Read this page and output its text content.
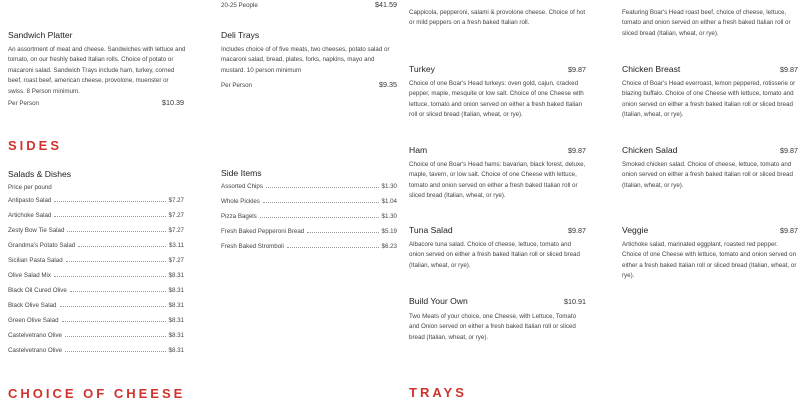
20-25 People	$41.59
Sandwich Platter
An assortment of meat and cheese. Sandwiches with lettuce and tomato, on our freshly baked Italian rolls. Choice of potato or macaroni salad. Sandwich Trays include ham, turkey, corned beef, roast beef, american cheese, provolone, muenster or swiss. 8 Person minimum.
Per Person	$10.39
Deli Trays
Includes choice of of five meats, two cheeses, potato salad or macaroni salad, bread, plates, forks, napkins, mayo and mustard. 10 person minimum
Per Person	$9.35
SIDES
Salads & Dishes
Price per pound
Antipasto Salad	$7.27
Artichoke Salad	$7.27
Zesty Bow Tie Salad	$7.27
Grandma's Potato Salad	$3.11
Sicilian Pasta Salad	$7.27
Olive Salad Mix	$8.31
Black Oil Cured Olive	$8.31
Black Olive Salad	$8.31
Green Olive Salad	$8.31
Castelvetrano Olive	$8.31
Castelvetrano Olive	$8.31
Side Items
Assorted Chips	$1.30
Whole Pickles	$1.04
Pizza Bagels	$1.30
Fresh Baked Pepperoni Bread	$5.19
Fresh Baked Stromboli	$6.23
CHOICE OF CHEESE
Cappicola, pepperoni, salami & provolone cheese. Choice of hot or mild peppers on a fresh baked Italian roll.
Turkey	$9.87
Choice of one Boar's Head turkeys: oven gold, cajun, cracked pepper, maple, mesquite or low salt. Choice of one Cheese with lettuce, tomato and onion served on either a fresh baked Italian roll or sliced bread (Italian, wheat, or rye).
Ham	$9.87
Choice of one Boar's Head hams: bavarian, black forest, deluxe, maple, tavern, or low salt. Choice of one Cheese with lettuce, tomato and onion served on either a fresh baked Italian roll or sliced bread (Italian, wheat, or rye).
Tuna Salad	$9.87
Albacore tuna salad. Choice of cheese, lettuce, tomato and onion served on either a fresh baked Italian roll or sliced bread (Italian, wheat, or rye).
Build Your Own	$10.91
Two Meats of your choice, one Cheese, with Lettuce, Tomato and Onion served on either a fresh baked Italian roll or sliced bread (Italian, wheat, or rye).
TRAYS
Featuring Boar's Head roast beef, choice of cheese, lettuce, tomato and onion served on either a fresh baked Italian roll or sliced bread (Italian, wheat, or rye).
Chicken Breast	$9.87
Choice of Boar's Head everroast, lemon peppered, rotisserie or blazing buffalo. Choice of one Cheese with lettuce, tomato and onion served on either a fresh baked Italian roll or sliced bread (Italian, wheat, or rye).
Chicken Salad	$9.87
Smoked chicken salad. Choice of cheese, lettuce, tomato and onion served on either a fresh baked Italian roll or sliced bread (Italian, wheat, or rye).
Veggie	$9.87
Artichoke salad, marinated eggplant, roasted red pepper. Choice of one Cheese with lettuce, tomato and onion served on either a fresh baked Italian roll or sliced bread (Italian, wheat, or rye).
